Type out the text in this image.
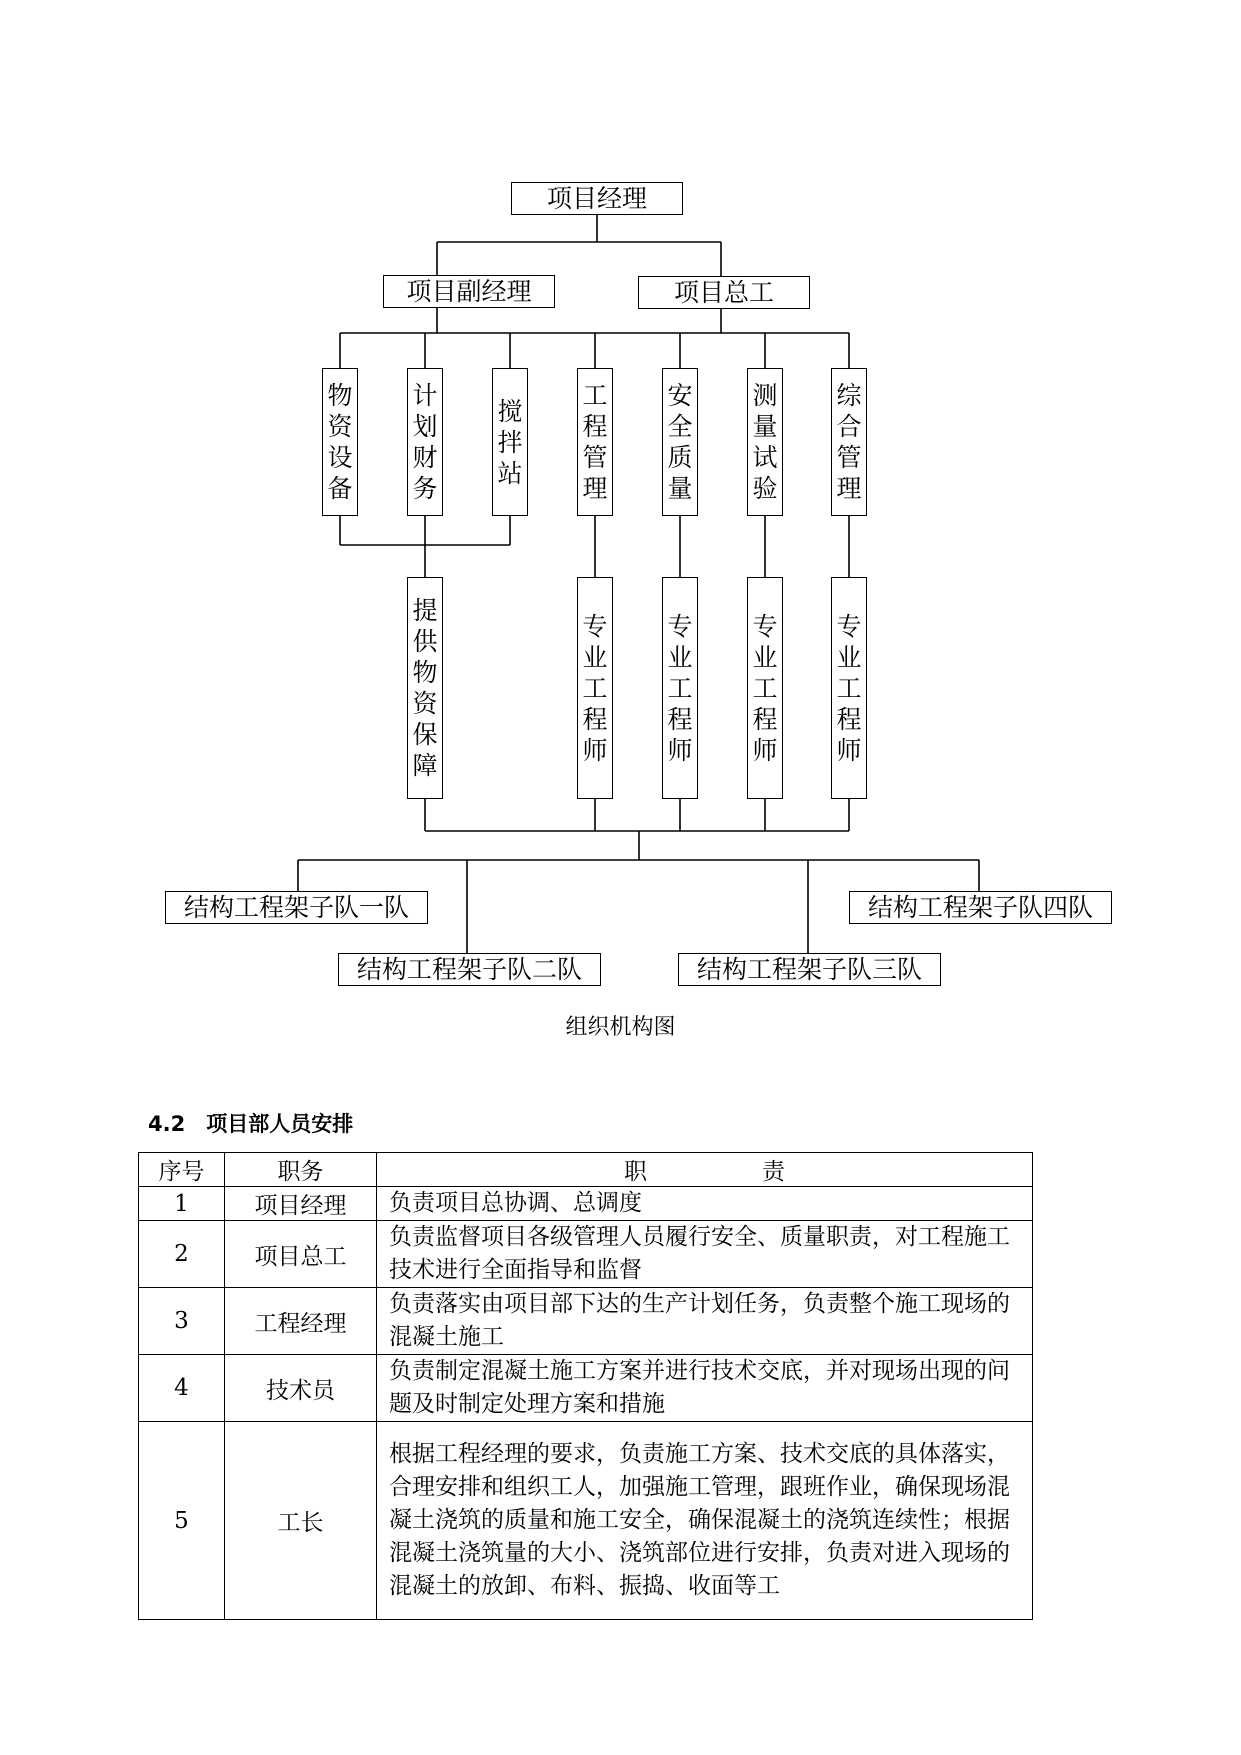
项目经理
项目副经理	项目总工
物
资
设
备
计
划
财
务
搅
拌
站
工
程
管
理
安
全
质
量
测
量
试
验
综
合
管
理
提
供
物
资
保
障
专
业
工
程
师
专
业
工
程
师
专
业
工
程
师
专
业
工
程
师
结构工程架子队一队
结构工程架子队二队	结构工程架子队三队
结构工程架子队四队
组织机构图
4.2　项目部人员安排
序号	职务	职　　　　　责
1	项目经理	负责项目总协调、总调度
2	项目总工	负责监督项目各级管理人员履行安全、质量职责，对工程施工技术进行全面指导和监督
3	工程经理	负责落实由项目部下达的生产计划任务，负责整个施工现场的混凝土施工
4	技术员	负责制定混凝土施工方案并进行技术交底，并对现场出现的问题及时制定处理方案和措施
5	工长	根据工程经理的要求，负责施工方案、技术交底的具体落实，合理安排和组织工人，加强施工管理，跟班作业，确保现场混凝土浇筑的质量和施工安全，确保混凝土的浇筑连续性；根据混凝土浇筑量的大小、浇筑部位进行安排，负责对进入现场的混凝土的放卸、布料、振捣、收面等工
